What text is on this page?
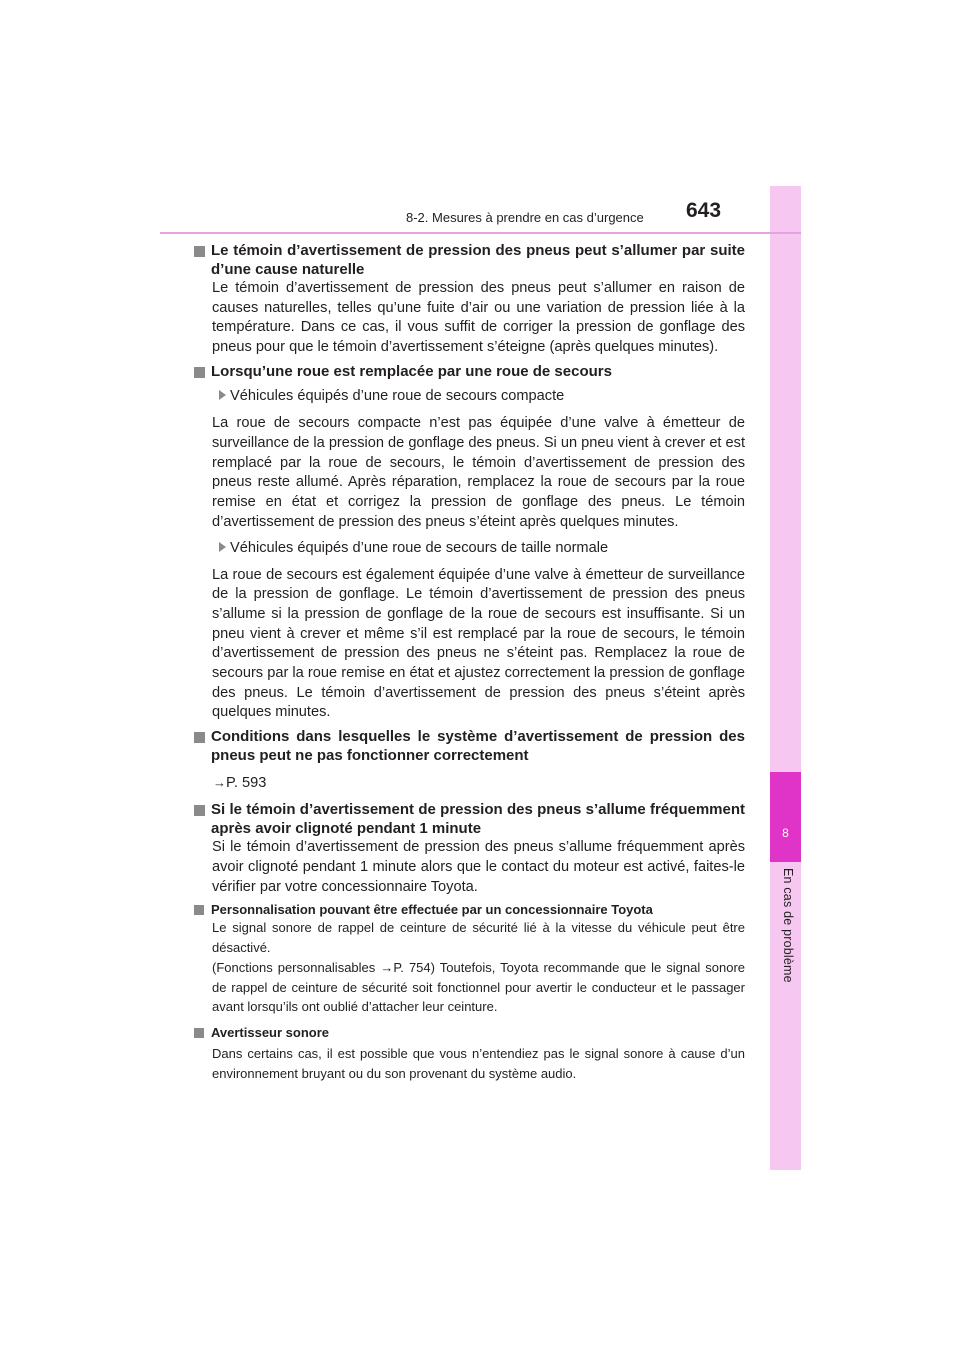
8
En cas de problème
8-2. Mesures à prendre en cas d’urgence 643

Le témoin d’avertissement de pression des pneus peut s’allumer par suite d’une cause naturelle

Le témoin d’avertissement de pression des pneus peut s’allumer en raison de causes naturelles, telles qu’une fuite d’air ou une variation de pression liée à la température. Dans ce cas, il vous suffit de corriger la pression de gonflage des pneus pour que le témoin d’avertissement s’éteigne (après quelques minutes).

Lorsqu’une roue est remplacée par une roue de secours

Véhicules équipés d’une roue de secours compacte

La roue de secours compacte n’est pas équipée d’une valve à émetteur de surveillance de la pression de gonflage des pneus. Si un pneu vient à crever et est remplacé par la roue de secours, le témoin d’avertissement de pression des pneus reste allumé. Après réparation, remplacez la roue de secours par la roue remise en état et corrigez la pression de gonflage des pneus. Le témoin d’avertissement de pression des pneus s’éteint après quelques minutes.

Véhicules équipés d’une roue de secours de taille normale

La roue de secours est également équipée d’une valve à émetteur de surveillance de la pression de gonflage. Le témoin d’avertissement de pression des pneus s’allume si la pression de gonflage de la roue de secours est insuffisante. Si un pneu vient à crever et même s’il est remplacé par la roue de secours, le témoin d’avertissement de pression des pneus ne s’éteint pas. Remplacez la roue de secours par la roue remise en état et ajustez correctement la pression de gonflage des pneus. Le témoin d’avertissement de pression des pneus s’éteint après quelques minutes.

Conditions dans lesquelles le système d’avertissement de pression des pneus peut ne pas fonctionner correctement

→P. 593

Si le témoin d’avertissement de pression des pneus s’allume fréquemment après avoir clignoté pendant 1 minute

Si le témoin d’avertissement de pression des pneus s’allume fréquemment après avoir clignoté pendant 1 minute alors que le contact du moteur est activé, faites-le vérifier par votre concessionnaire Toyota.

Personnalisation pouvant être effectuée par un concessionnaire Toyota

Le signal sonore de rappel de ceinture de sécurité lié à la vitesse du véhicule peut être désactivé.

(Fonctions personnalisables →P. 754) Toutefois, Toyota recommande que le signal sonore de rappel de ceinture de sécurité soit fonctionnel pour avertir le conducteur et le passager avant lorsqu’ils ont oublié d’attacher leur ceinture.

Avertisseur sonore

Dans certains cas, il est possible que vous n’entendiez pas le signal sonore à cause d’un environnement bruyant ou du son provenant du système audio.
